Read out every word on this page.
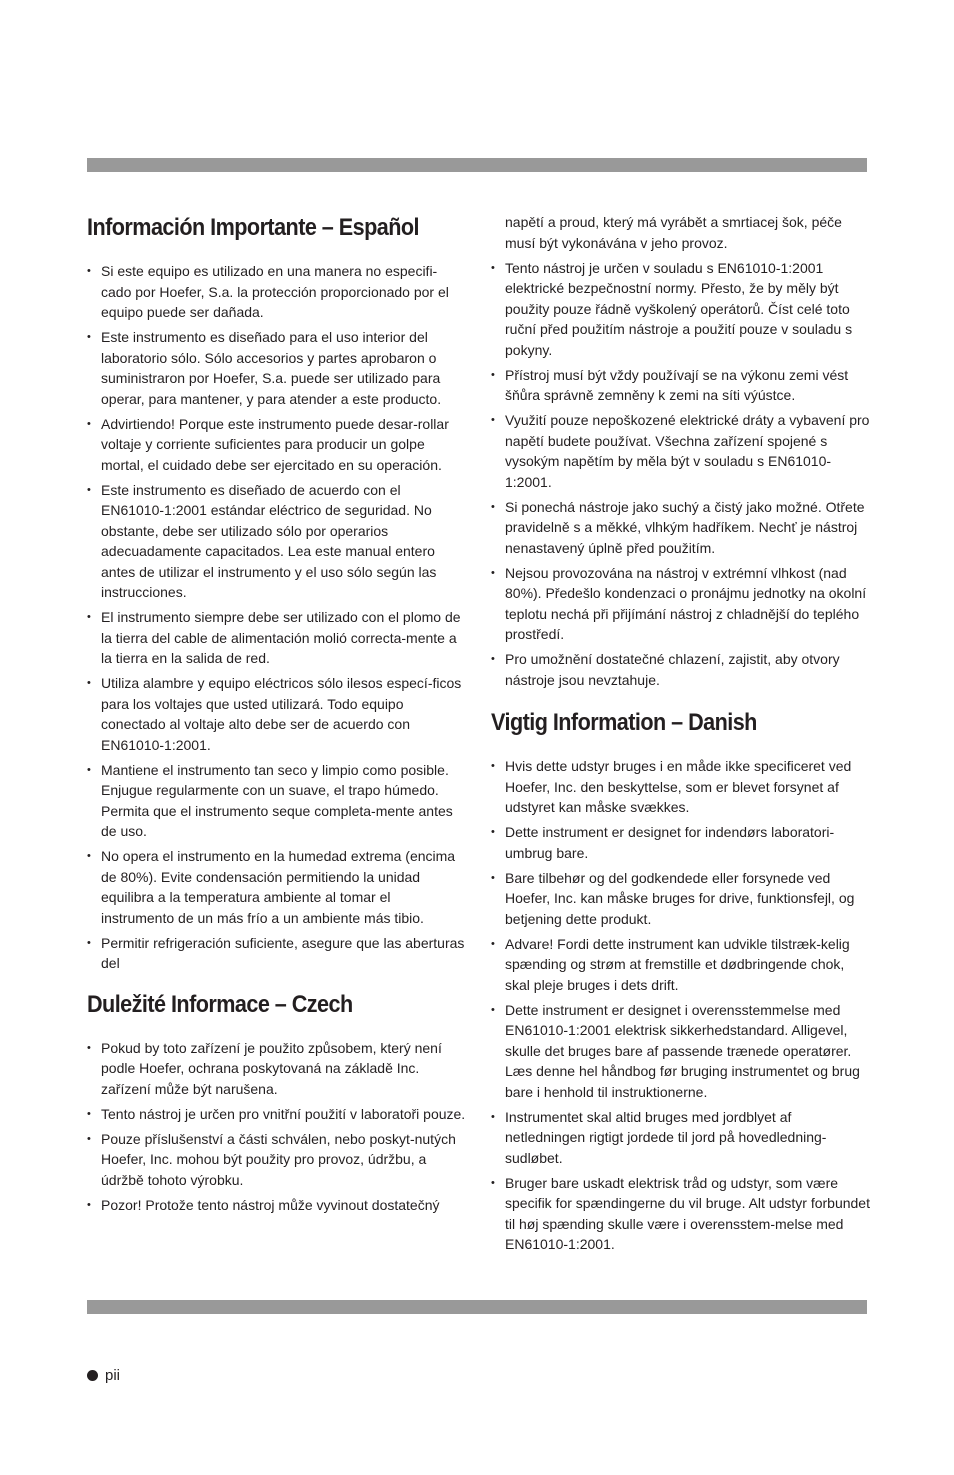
Información Importante – Español
• Si este equipo es utilizado en una manera no especifi-cado por Hoefer, S.a. la protección proporcionado por el equipo puede ser dañada.
• Este instrumento es diseñado para el uso interior del laboratorio sólo. Sólo accesorios y partes aprobaron o suministraron por Hoefer, S.a. puede ser utilizado para operar, para mantener, y para atender a este producto.
• Advirtiendo! Porque este instrumento puede desar-rollar voltaje y corriente suficientes para producir un golpe mortal, el cuidado debe ser ejercitado en su operación.
• Este instrumento es diseñado de acuerdo con el EN61010-1:2001 estándar eléctrico de seguridad. No obstante, debe ser utilizado sólo por operarios adecuadamente capacitados. Lea este manual entero antes de utilizar el instrumento y el uso sólo según las instrucciones.
• El instrumento siempre debe ser utilizado con el plomo de la tierra del cable de alimentación molió correcta-mente a la tierra en la salida de red.
• Utiliza alambre y equipo eléctricos sólo ilesos especí-ficos para los voltajes que usted utilizará. Todo equipo conectado al voltaje alto debe ser de acuerdo con EN61010-1:2001.
• Mantiene el instrumento tan seco y limpio como posible. Enjugue regularmente con un suave, el trapo húmedo. Permita que el instrumento seque completa-mente antes de uso.
• No opera el instrumento en la humedad extrema (encima de 80%). Evite condensación permitiendo la unidad equilibra a la temperatura ambiente al tomar el instrumento de un más frío a un ambiente más tibio.
• Permitir refrigeración suficiente, asegure que las aberturas del
Duležité Informace – Czech
• Pokud by toto zařízení je použito způsobem, který není podle Hoefer, ochrana poskytovaná na základě Inc. zařízení může být narušena.
• Tento nástroj je určen pro vnitřní použití v laboratoři pouze.
• Pouze příslušenství a části schválen, nebo poskyt-nutých Hoefer, Inc. mohou být použity pro provoz, údržbu, a údržbě tohoto výrobku.
• Pozor! Protože tento nástroj může vyvinout dostatečný
napětí a proud, který má vyrábět a smrtiacej šok, péče musí být vykonávána v jeho provoz.
• Tento nástroj je určen v souladu s EN61010-1:2001 elektrické bezpečnostní normy. Přesto, že by měly být použity pouze řádně vyškolený operátorů. Číst celé toto ruční před použitím nástroje a použití pouze v souladu s pokyny.
• Přístroj musí být vždy používají se na výkonu zemi vést šňůra správně zemněny k zemi na síti výústce.
• Využití pouze nepoškozené elektrické dráty a vybavení pro napětí budete používat. Všechna zařízení spojené s vysokým napětím by měla být v souladu s EN61010-1:2001.
• Si ponechá nástroje jako suchý a čistý jako možné. Otřete pravidelně s a měkké, vlhkým hadříkem. Nechť je nástroj nenastavený úplně před použitím.
• Nejsou provozována na nástroj v extrémní vlhkost (nad 80%). Předešlo kondenzaci o pronájmu jednotky na okolní teplotu nechá při přijímání nástroj z chladnější do teplého prostředí.
• Pro umožnění dostatečné chlazení, zajistit, aby otvory nástroje jsou nevztahuje.
Vigtig Information – Danish
• Hvis dette udstyr bruges i en måde ikke specificeret ved Hoefer, Inc. den beskyttelse, som er blevet forsynet af udstyret kan måske svækkes.
• Dette instrument er designet for indendørs laboratori-umbrug bare.
• Bare tilbehør og del godkendede eller forsynede ved Hoefer, Inc. kan måske bruges for drive, funktionsfejl, og betjening dette produkt.
• Advare! Fordi dette instrument kan udvikle tilstræk-kelig spænding og strøm at fremstille et dødbringende chok, skal pleje bruges i dets drift.
• Dette instrument er designet i overensstemmelse med EN61010-1:2001 elektrisk sikkerhedstandard. Alligevel, skulle det bruges bare af passende trænede operatører. Læs denne hel håndbog før bruging instrumentet og brug bare i henhold til instruktionerne.
• Instrumentet skal altid bruges med jordblyet af netledningen rigtigt jordede til jord på hovedledning-sudløbet.
• Bruger bare uskadt elektrisk tråd og udstyr, som være specifik for spændingerne du vil bruge. Alt udstyr forbundet til høj spænding skulle være i overensstem-melse med EN61010-1:2001.
pii
